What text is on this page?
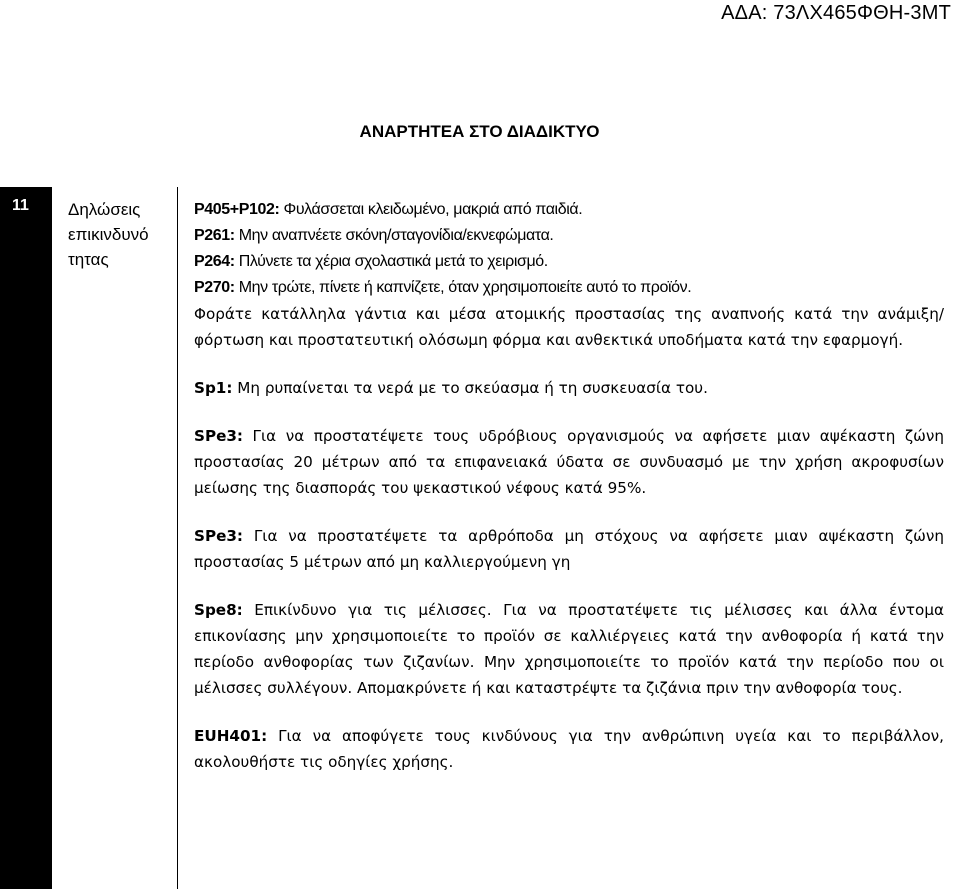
ΑΔΑ: 73ΛΧ465ΦΘΗ-3ΜΤ
ΑΝΑΡΤΗΤΕΑ ΣΤΟ ΔΙΑΔΙΚΤΥΟ
11	Δηλώσεις επικινδυνό τητας

P405+P102: Φυλάσσεται κλειδωμένο, μακριά από παιδιά.

P261: Μην αναπνέετε σκόνη/σταγονίδια/εκνεφώματα.

P264: Πλύνετε τα χέρια σχολαστικά μετά το χειρισμό.

P270: Μην τρώτε, πίνετε ή καπνίζετε, όταν χρησιμοποιείτε αυτό το προϊόν.

Φοράτε κατάλληλα γάντια και μέσα ατομικής προστασίας της αναπνοής κατά την ανάμιξη/φόρτωση και προστατευτική ολόσωμη φόρμα και ανθεκτικά υποδήματα κατά την εφαρμογή.

Sp1: Μη ρυπαίνεται τα νερά με το σκεύασμα ή τη συσκευασία του.

SPe3: Για να προστατέψετε τους υδρόβιους οργανισμούς να αφήσετε μιαν αψέκαστη ζώνη προστασίας 20 μέτρων από τα επιφανειακά ύδατα σε συνδυασμό με την χρήση ακροφυσίων μείωσης της διασποράς του ψεκαστικού νέφους κατά 95%.

SPe3: Για να προστατέψετε τα αρθρόποδα μη στόχους να αφήσετε μιαν αψέκαστη ζώνη προστασίας 5 μέτρων από μη καλλιεργούμενη γη

Spe8: Επικίνδυνο για τις μέλισσες. Για να προστατέψετε τις μέλισσες και άλλα έντομα επικονίασης μην χρησιμοποιείτε το προϊόν σε καλλιέργειες κατά την ανθοφορία ή κατά την περίοδο ανθοφορίας των ζιζανίων. Μην χρησιμοποιείτε το προϊόν κατά την περίοδο που οι μέλισσες συλλέγουν. Απομακρύνετε ή και καταστρέψτε τα ζιζάνια πριν την ανθοφορία τους.

EUH401: Για να αποφύγετε τους κινδύνους για την ανθρώπινη υγεία και το περιβάλλον, ακολουθήστε τις οδηγίες χρήσης.
